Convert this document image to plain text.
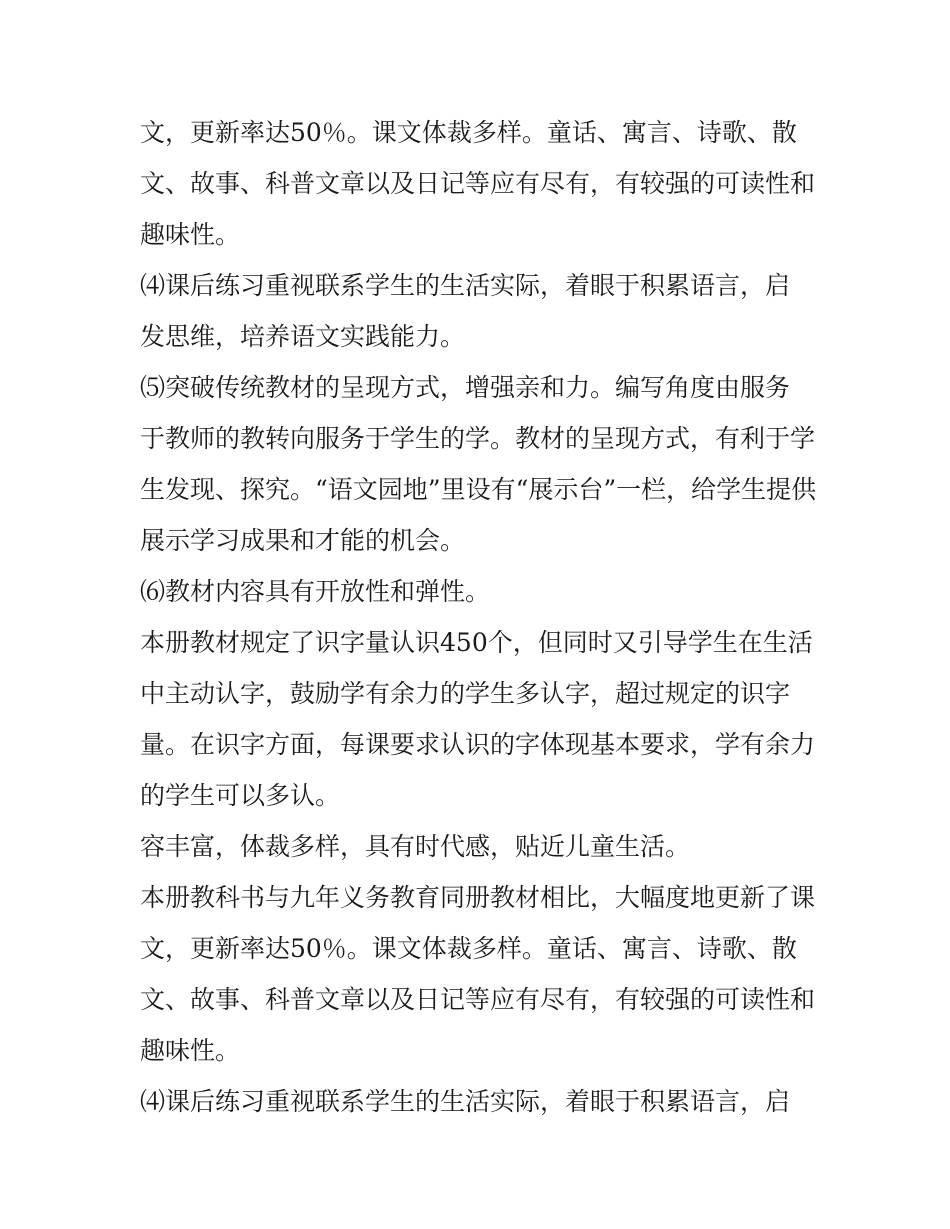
文，更新率达50％。课文体裁多样。童话、寓言、诗歌、散
文、故事、科普文章以及日记等应有尽有，有较强的可读性和
趣味性。
⑷课后练习重视联系学生的生活实际，着眼于积累语言，启
发思维，培养语文实践能力。
⑸突破传统教材的呈现方式，增强亲和力。编写角度由服务
于教师的教转向服务于学生的学。教材的呈现方式，有利于学
生发现、探究。“语文园地”里设有“展示台”一栏，给学生提供
展示学习成果和才能的机会。
⑹教材内容具有开放性和弹性。
本册教材规定了识字量认识450个，但同时又引导学生在生活
中主动认字，鼓励学有余力的学生多认字，超过规定的识字
量。在识字方面，每课要求认识的字体现基本要求，学有余力
的学生可以多认。
容丰富，体裁多样，具有时代感，贴近儿童生活。
本册教科书与九年义务教育同册教材相比，大幅度地更新了课
文，更新率达50％。课文体裁多样。童话、寓言、诗歌、散
文、故事、科普文章以及日记等应有尽有，有较强的可读性和
趣味性。
⑷课后练习重视联系学生的生活实际，着眼于积累语言，启
